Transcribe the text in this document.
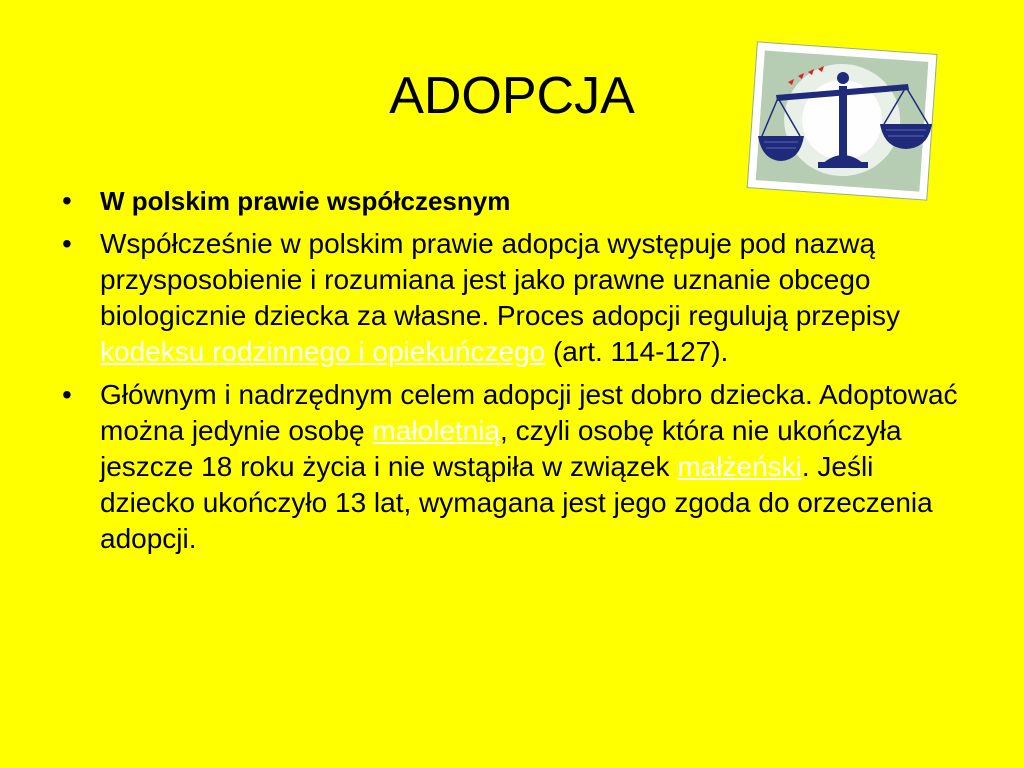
ADOPCJA
• W polskim prawie współczesnym
• Współcześnie w polskim prawie adopcja występuje pod nazwą przysposobienie i rozumiana jest jako prawne uznanie obcego biologicznie dziecka za własne. Proces adopcji regulują przepisy kodeksu rodzinnego i opiekuńczego (art. 114-127).
• Głównym i nadrzędnym celem adopcji jest dobro dziecka. Adoptować można jedynie osobę małoletnią, czyli osobę która nie ukończyła jeszcze 18 roku życia i nie wstąpiła w związek małżeński. Jeśli dziecko ukończyło 13 lat, wymagana jest jego zgoda do orzeczenia adopcji.
